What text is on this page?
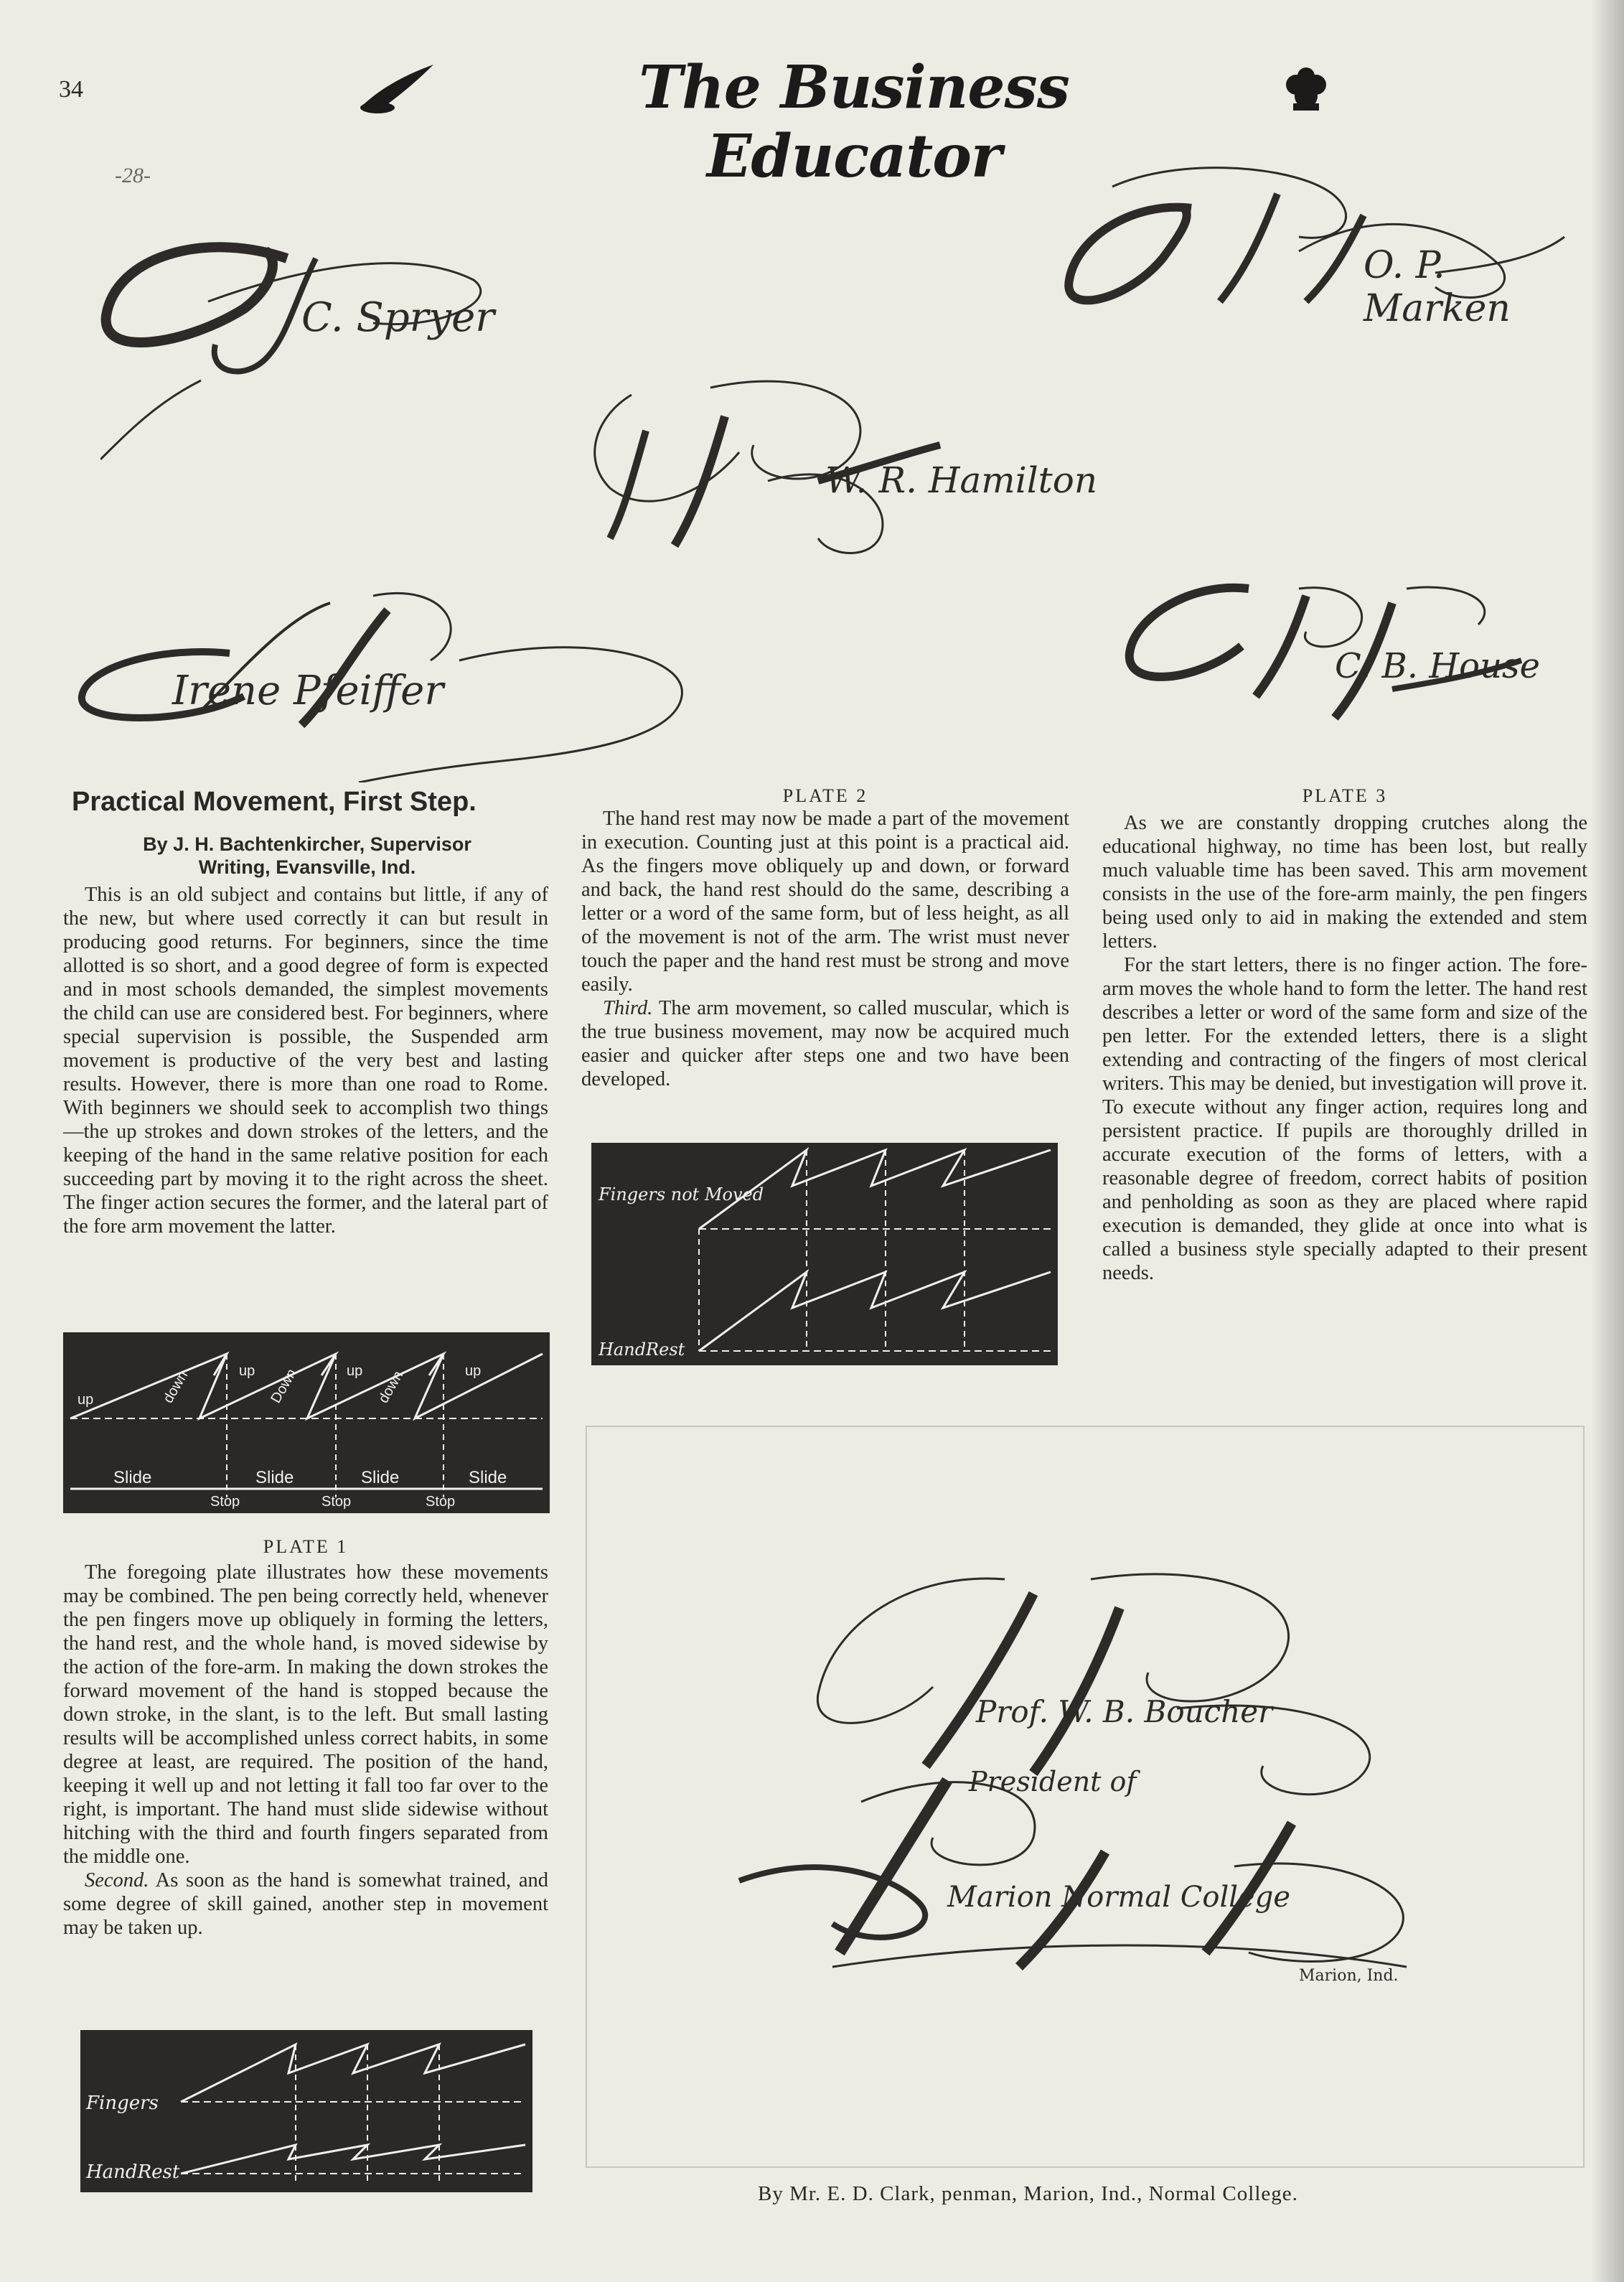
34	The Business Educator
-28-
C. Spryer
O. P. Marken
W. R. Hamilton
Irene Pfeiffer
C. B. House
Practical Movement, First Step.
By J. H. Bachtenkircher, Supervisor
Writing, Evansville, Ind.

This is an old subject and contains but little, if any of the new, but where used correctly it can but result in producing good returns. For beginners, since the time allotted is so short, and a good degree of form is expected and in most schools demanded, the simplest movements the child can use are considered best. For beginners, where special supervision is possible, the Suspended arm movement is productive of the very best and lasting results. However, there is more than one road to Rome. With beginners we should seek to accomplish two things—the up strokes and down strokes of the letters, and the keeping of the hand in the same relative position for each succeeding part by moving it to the right across the sheet. The finger action secures the former, and the lateral part of the fore arm movement the latter.

up	down	up Down	up down	up
Slide	Slide	Slide	Slide
Stop	Stop	Stop
PLATE 1

The foregoing plate illustrates how these movements may be combined. The pen being correctly held, whenever the pen fingers move up obliquely in forming the letters, the hand rest, and the whole hand, is moved sidewise by the action of the fore-arm. In making the down strokes the forward movement of the hand is stopped because the down stroke, in the slant, is to the left. But small lasting results will be accomplished unless correct habits, in some degree at least, are required. The position of the hand, keeping it well up and not letting it fall too far over to the right, is important. The hand must slide sidewise without hitching with the third and fourth fingers separated from the middle one.

Second. As soon as the hand is somewhat trained, and some degree of skill gained, another step in movement may be taken up.

Fingers
HandRest
PLATE 2

The hand rest may now be made a part of the movement in execution. Counting just at this point is a practical aid. As the fingers move obliquely up and down, or forward and back, the hand rest should do the same, describing a letter or a word of the same form, but of less height, as all of the movement is not of the arm. The wrist must never touch the paper and the hand rest must be strong and move easily.

Third. The arm movement, so called muscular, which is the true business movement, may now be acquired much easier and quicker after steps one and two have been developed.

Fingers not Moved
HandRest
PLATE 3

As we are constantly dropping crutches along the educational highway, no time has been lost, but really much valuable time has been saved. This arm movement consists in the use of the fore-arm mainly, the pen fingers being used only to aid in making the extended and stem letters.

For the start letters, there is no finger action. The fore-arm moves the whole hand to form the letter. The hand rest describes a letter or word of the same form and size of the pen letter. For the extended letters, there is a slight extending and contracting of the fingers of most clerical writers. This may be denied, but investigation will prove it. To execute without any finger action, requires long and persistent practice. If pupils are thoroughly drilled in accurate execution of the forms of letters, with a reasonable degree of freedom, correct habits of position and penholding as soon as they are placed where rapid execution is demanded, they glide at once into what is called a business style specially adapted to their present needs.

Prof. W. B. Boucher
President of
Marion Normal College
Marion, Ind.
By Mr. E. D. Clark, penman, Marion, Ind., Normal College.
